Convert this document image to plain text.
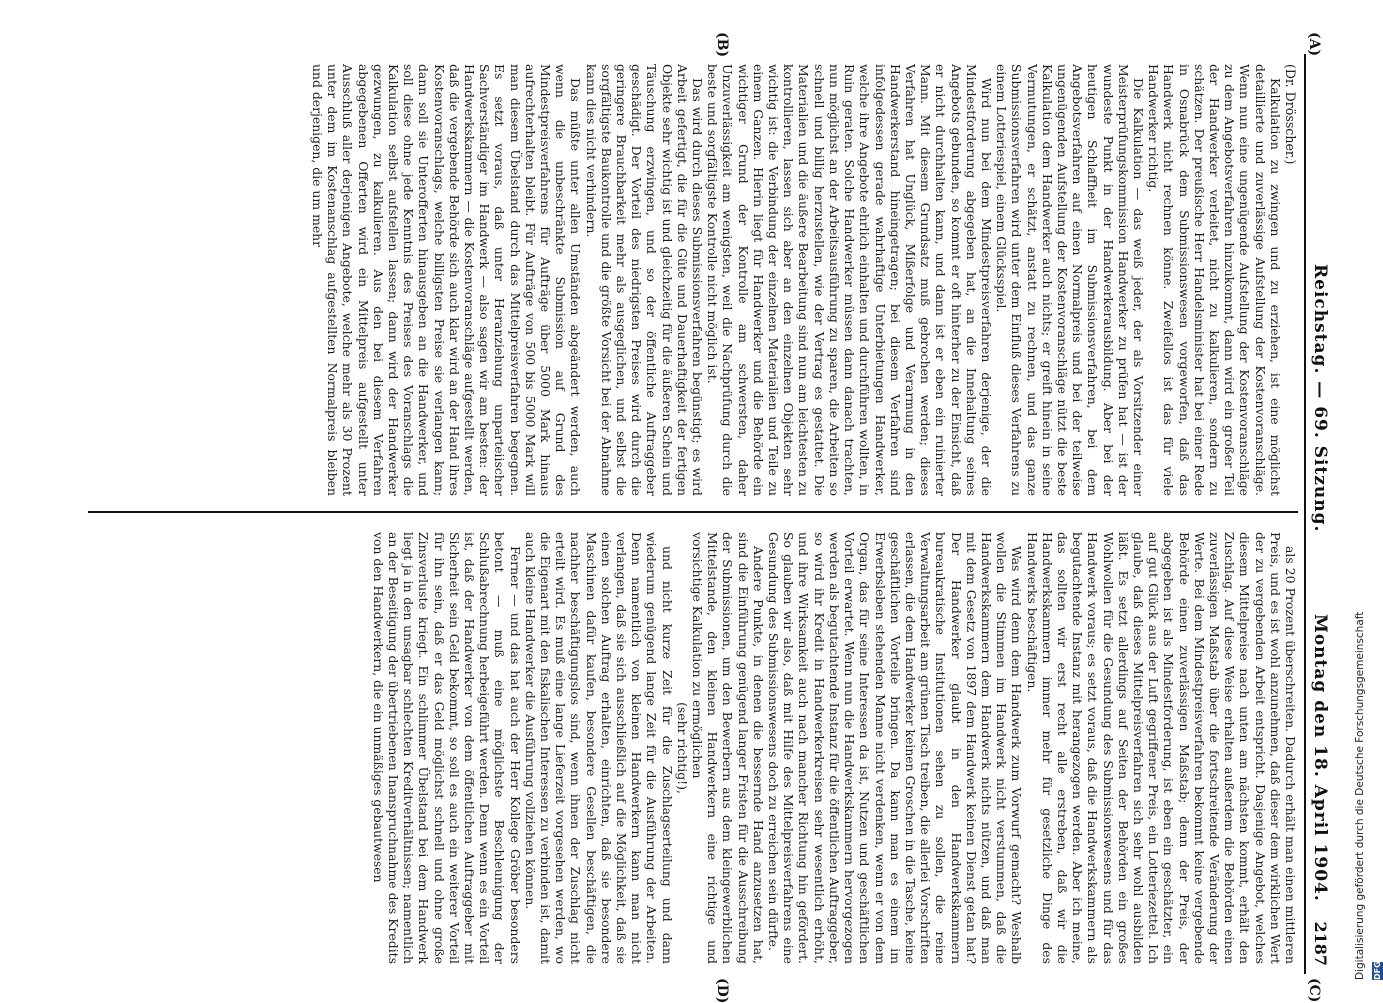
Reichstag. — 69. Sitzung.
Montag den 18. April 1904.
2187
(A)
(B)
(C)
(D)

(Dr. Drösscher.)

Kalkulation zu zwingen und zu erziehen, ist eine möglichst detaillierte und zuverlässige Aufstellung der Kostenvoranschläge. Wenn nun eine ungenügende Aufstellung der Kostenvoranschläge zu dem Angebotsverfahren hinzukommt, dann wird ein großer Teil der Handwerker verleitet, nicht zu kalkulieren, sondern zu schätzen. Der preußische Herr Handelsminister hat bei einer Rede in Osnabrück dem Submissionswesen vorgeworfen, daß das Handwerk nicht rechnen könne. Zweifellos ist das für viele Handwerker richtig.

Die Kalkulation — das weiß jeder, der als Vorsitzender einer Meisterprüfungskommission Handwerker zu prüfen hat — ist der wundeste Punkt in der Handwerkerausbildung. Aber bei der heutigen Schlaffheit im Submissionsverfahren, bei dem Angebotsverfahren auf einen Normalpreis und bei der teilweise ungenügenden Aufstellung der Kostenvoranschläge nützt die beste Kalkulation dem Handwerker auch nichts; er greift hinein in seine Vermutungen, er schätzt, anstatt zu rechnen, und das ganze Submissionsverfahren wird unter dem Einfluß dieses Verfahrens zu einem Lotteriespiel, einem Glücksspiel.

Wird nun bei dem Mindestpreisverfahren derjenige, der die Mindestforderung abgegeben hat, an die Innehaltung seines Angebots gebunden, so kommt er oft hinterher zu der Einsicht, daß er nicht durchhalten kann, und dann ist er eben ein ruinierter Mann. Mit diesem Grundsatz muß gebrochen werden; dieses Verfahren hat Unglück, Mißerfolge und Verarmung in den Handwerkerstand hineingetragen; bei diesem Verfahren sind infolgedessen gerade wahrhaftige Unterbietungen Handwerker, welche ihre Angebote ehrlich einhalten und durchführen wollten, in Ruin geraten. Solche Handwerker müssen dann danach trachten, nun möglichst an der Arbeitsausführung zu sparen, die Arbeiten so schnell und billig herzustellen, wie der Vertrag es gestattet. Die Materialien und die äußere Bearbeitung sind nun am leichtesten zu kontrollieren, lassen sich aber an den einzelnen Objekten sehr wichtig ist: die Verbindung der einzelnen Materialien und Teile zu einem Ganzen. Hierin liegt für Handwerker und die Behörde ein wichtiger Grund der Kontrolle am schwersten, daher Unzuverlässigkeit am wenigsten, weil die Nachprüfung durch die beste und sorgfältigste Kontrolle nicht möglich ist.

Das wird durch dieses Submissionsverfahren begünstigt; es wird Arbeit gefertigt, die für die Güte und Dauerhaftigkeit der fertigen Objekte sehr wichtig ist und gleichzeitig für die äußeren Schein und Täuschung erzwingen, und so der öffentliche Auftraggeber geschädigt. Der Vorteil des niedrigsten Preises wird durch die geringere Brauchbarkeit mehr als ausgeglichen, und selbst die sorgfältigste Baukontrolle und die größte Vorsicht bei der Abnahme kann dies nicht verhindern.

Das müßte unter allen Umständen abgeändert werden, auch wenn die unbeschränkte Submission auf Grund des Mindestpreisverfahrens für Aufträge über 5000 Mark hinaus aufrechterhalten bleibt. Für Aufträge von 500 bis 5000 Mark will man diesem Übelstand durch das Mittelpreisverfahren begegnen. Es setzt voraus, daß unter Heranziehung unparteiischer Sachverständiger im Handwerk — also sagen wir am besten: der Handwerkskammern — die Kostenvoranschläge aufgestellt werden, daß die vergebende Behörde sich auch klar wird an der Hand ihres Kostenvoranschlags, welche billigsten Preise sie verlangen kann; dann soll sie Unterofferten hinausgeben an die Handwerker, und soll diese ohne jede Kenntnis des Preises des Voranschlags die Kalkulation selbst aufstellen lassen; dann wird der Handwerker gezwungen, zu kalkulieren. Aus den bei diesem Verfahren abgegebenen Offerten wird ein Mittelpreis aufgestellt unter Ausschluß aller derjenigen Angebote, welche mehr als 30 Prozent unter dem im Kostenanschlag aufgestellten Normalpreis bleiben und derjenigen, die um mehr

als 20 Prozent überschreiten. Dadurch erhält man einen mittleren Preis, und es ist wohl anzunehmen, daß dieser dem wirklichen Wert der zu vergebenden Arbeit entspricht. Dasjenige Angebot, welches diesem Mittelpreise nach unten am nächsten kommt, erhält den Zuschlag. Auf diese Weise erhalten außerdem die Behörden einen zuverlässigen Maßstab über die fortschreitende Veränderung der Werte. Bei dem Mindestpreisverfahren bekommt keine vergebende Behörde einen zuverlässigen Maßstab; denn der Preis, der abgegeben ist als Mindestforderung, ist eben ein geschätzter, ein auf gut Glück aus der Luft gegriffener Preis, ein Lotteriezettel. Ich glaube, daß dieses Mittelpreisverfahren sich sehr wohl ausbilden läßt. Es setzt allerdings auf Seiten der Behörden ein großes Wohlwollen für die Gesundung des Submissionswesens und für das Handwerk voraus; es setzt voraus, daß die Handwerkskammern als begutachtende Instanz mit herangezogen werden. Aber ich meine, das sollten wir erst recht alle erstreben, daß wir die Handwerkskammern immer mehr für gesetzliche Dinge des Handwerks beschäftigen.

Was wird denn dem Handwerk zum Vorwurf gemacht? Weshalb wollen die Stimmen im Handwerk nicht verstummen, daß die Handwerkskammern dem Handwerk nichts nützen, und daß man mit dem Gesetz von 1897 dem Handwerk keinen Dienst getan hat? Der Handwerker glaubt in den Handwerkskammern bureaukratische Institutionen sehen zu sollen, die reine Verwaltungsarbeit am grünen Tisch treiben, die allerlei Vorschriften erlassen, die dem Handwerker keinen Groschen in die Tasche, keine geschäftlichen Vorteile bringen. Da kann man es einem im Erwerbsleben stehenden Manne nicht verdenken, wenn er von dem Organ, das für seine Interessen da ist, Nutzen und geschäftlichen Vorteil erwartet. Wenn nun die Handwerkskammern hervorgezogen werden als begutachtende Instanz für die öffentlichen Auftraggeber, so wird ihr Kredit in Handwerkerkreisen sehr wesentlich erhöht, und ihre Wirksamkeit auch nach mancher Richtung hin gefördert. So glauben wir also, daß mit Hilfe des Mittelpreisverfahrens eine Gesundung des Submissionswesens doch zu erreichen sein dürfte.

Andere Punkte, in denen die bessernde Hand anzusetzen hat, sind die Einführung genügend langer Fristen für die Ausschreibung der Submissionen, um den Bewerbern aus dem kleingewerblichen Mittelstande, den kleinen Handwerkern eine richtige und vorsichtige Kalkulation zu ermöglichen

(sehr richtig!),

und nicht kurze Zeit für die Zuschlagserteilung und dann wiederum genügend lange Zeit für die Ausführung der Arbeiten. Denn namentlich von kleinen Handwerkern kann man nicht verlangen, daß sie sich ausschließlich auf die Möglichkeit, daß sie einen solchen Auftrag erhalten, einrichten, daß sie besondere Maschinen dafür kaufen, besondere Gesellen beschäftigen, die nachher beschäftigungslos sind, wenn ihnen der Zuschlag nicht erteilt wird. Es muß eine lange Lieferzeit vorgesehen werden, wo die Eigenart mit den fiskalischen Interessen zu verbinden ist, damit auch kleine Handwerker die Ausführung vollziehen können.

Ferner — und das hat auch der Herr Kollege Gröber besonders betont — muß eine möglichste Beschleunigung der Schlußabrechnung herbeigeführt werden. Denn wenn es ein Vorteil ist, daß der Handwerker von dem öffentlichen Auftraggeber mit Sicherheit sein Geld bekommt, so soll es auch ein weiterer Vorteil für ihn sein, daß er das Geld möglichst schnell und ohne große Zinsverluste kriegt. Ein schlimmer Übelstand bei dem Handwerk liegt ja in den unsagbar schlechten Kreditverhältnissen; namentlich an der Beseitigung der übertriebenen Inanspruchnahme des Kredits von den Handwerkern, die ein unmäßiges gebautwesen	Digitalisierung gefördert durch die Deutsche Forschungsgemeinschaft DFG
